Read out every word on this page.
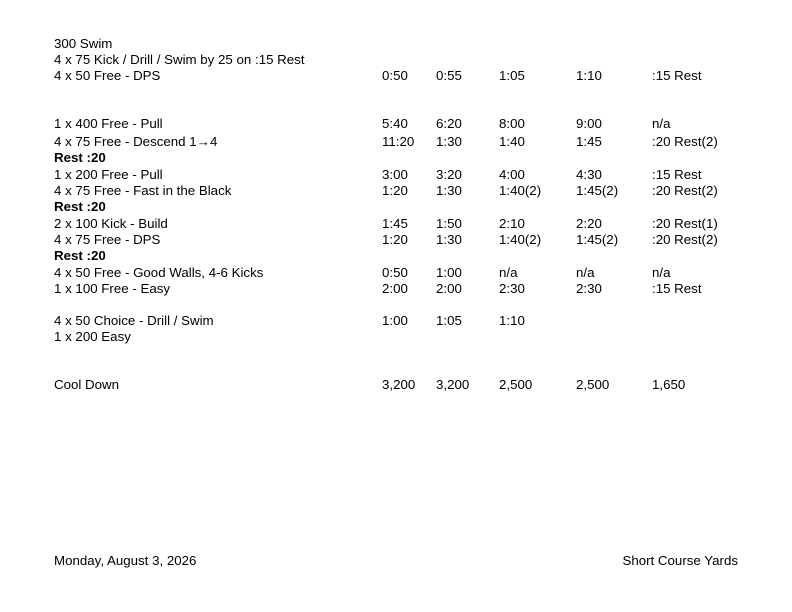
300 Swim
4 x 75 Kick / Drill / Swim by 25 on :15 Rest
4 x 50 Free - DPS	0:50 0:55	1:05	1:10	:15 Rest
1 x 400 Free - Pull	5:40 6:20	8:00	9:00	n/a
4 x 75 Free - Descend 1→4	11:20 1:30	1:40	1:45	:20 Rest(2)
Rest :20
1 x 200 Free - Pull	3:00 3:20	4:00	4:30	:15 Rest
4 x 75 Free - Fast in the Black	1:20 1:30	1:40(2)	1:45(2)	:20 Rest(2)
Rest :20
2 x 100 Kick - Build	1:45 1:50	2:10	2:20	:20 Rest(1)
4 x 75 Free - DPS	1:20 1:30	1:40(2)	1:45(2)	:20 Rest(2)
Rest :20
4 x 50 Free - Good Walls, 4-6 Kicks	0:50 1:00	n/a	n/a	n/a
1 x 100 Free - Easy	2:00 2:00	2:30	2:30	:15 Rest
4 x 50 Choice - Drill / Swim	1:00 1:05	1:10
1 x 200 Easy
Cool Down	3,200 3,200 2,500	2,500	1,650
Monday, August 3, 2026	Short Course Yards
